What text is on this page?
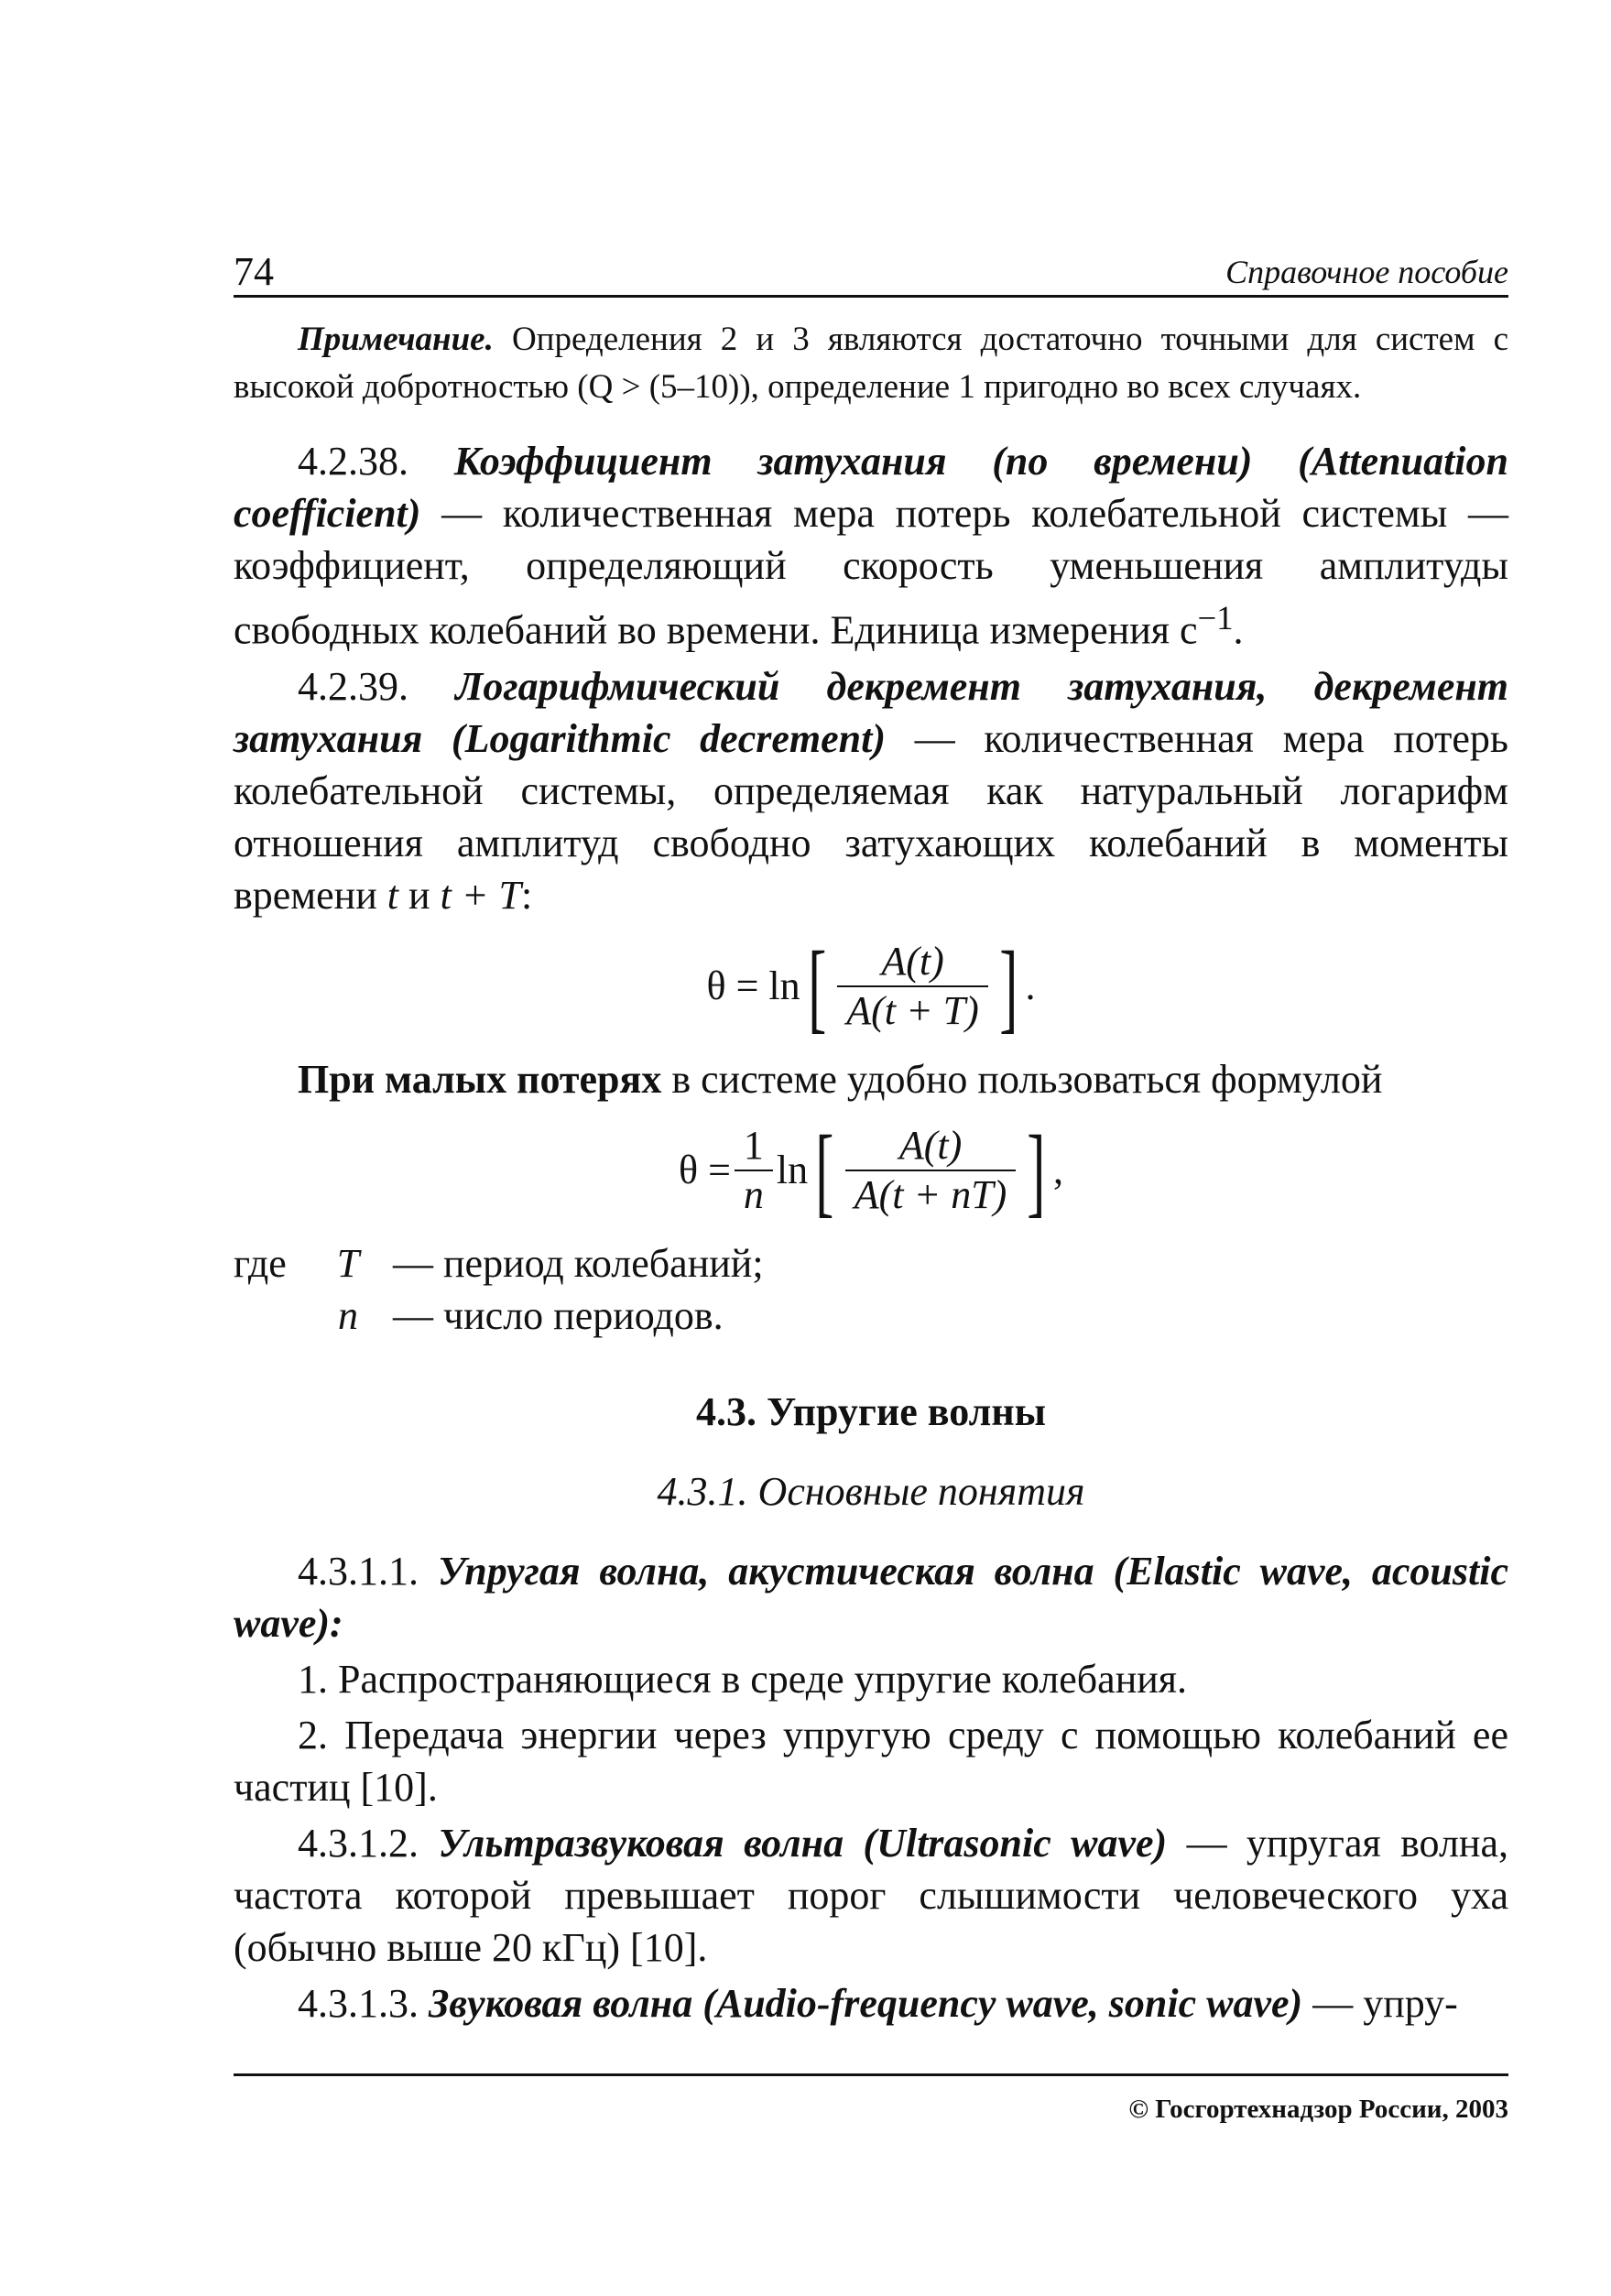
74	Справочное пособие

Примечание. Определения 2 и 3 являются достаточно точными для систем с высокой добротностью (Q > (5–10)), определение 1 пригодно во всех случаях.

4.2.38. Коэффициент затухания (по времени) (Attenuation coefficient) — количественная мера потерь колебательной системы — коэффициент, определяющий скорость уменьшения амплитуды свободных колебаний во времени. Единица измерения $с^{-1}$.

4.2.39. Логарифмический декремент затухания, декремент затухания (Logarithmic decrement) — количественная мера потерь колебательной системы, определяемая как натуральный логарифм отношения амплитуд свободно затухающих колебаний в моменты времени t и t + T:

θ = ln [ $\frac{A(t)}{A(t + T)}$ ] .

При малых потерях в системе удобно пользоваться формулой

$\theta = \frac{1}{n}$ ln [ $\frac{A(t)}{A(t + nT)}$ ] ,
где	T — период колебаний;
n — число периодов.
4.3. Упругие волны
4.3.1. Основные понятия

4.3.1.1. Упругая волна, акустическая волна (Elastic wave, acoustic wave):

1. Распространяющиеся в среде упругие колебания.

2. Передача энергии через упругую среду с помощью колебаний ее частиц [10].

4.3.1.2. Ультразвуковая волна (Ultrasonic wave) — упругая волна, частота которой превышает порог слышимости человеческого уха (обычно выше 20 кГц) [10].

4.3.1.3. Звуковая волна (Audio-frequency wave, sonic wave) — упру-

© Госгортехнадзор России, 2003
